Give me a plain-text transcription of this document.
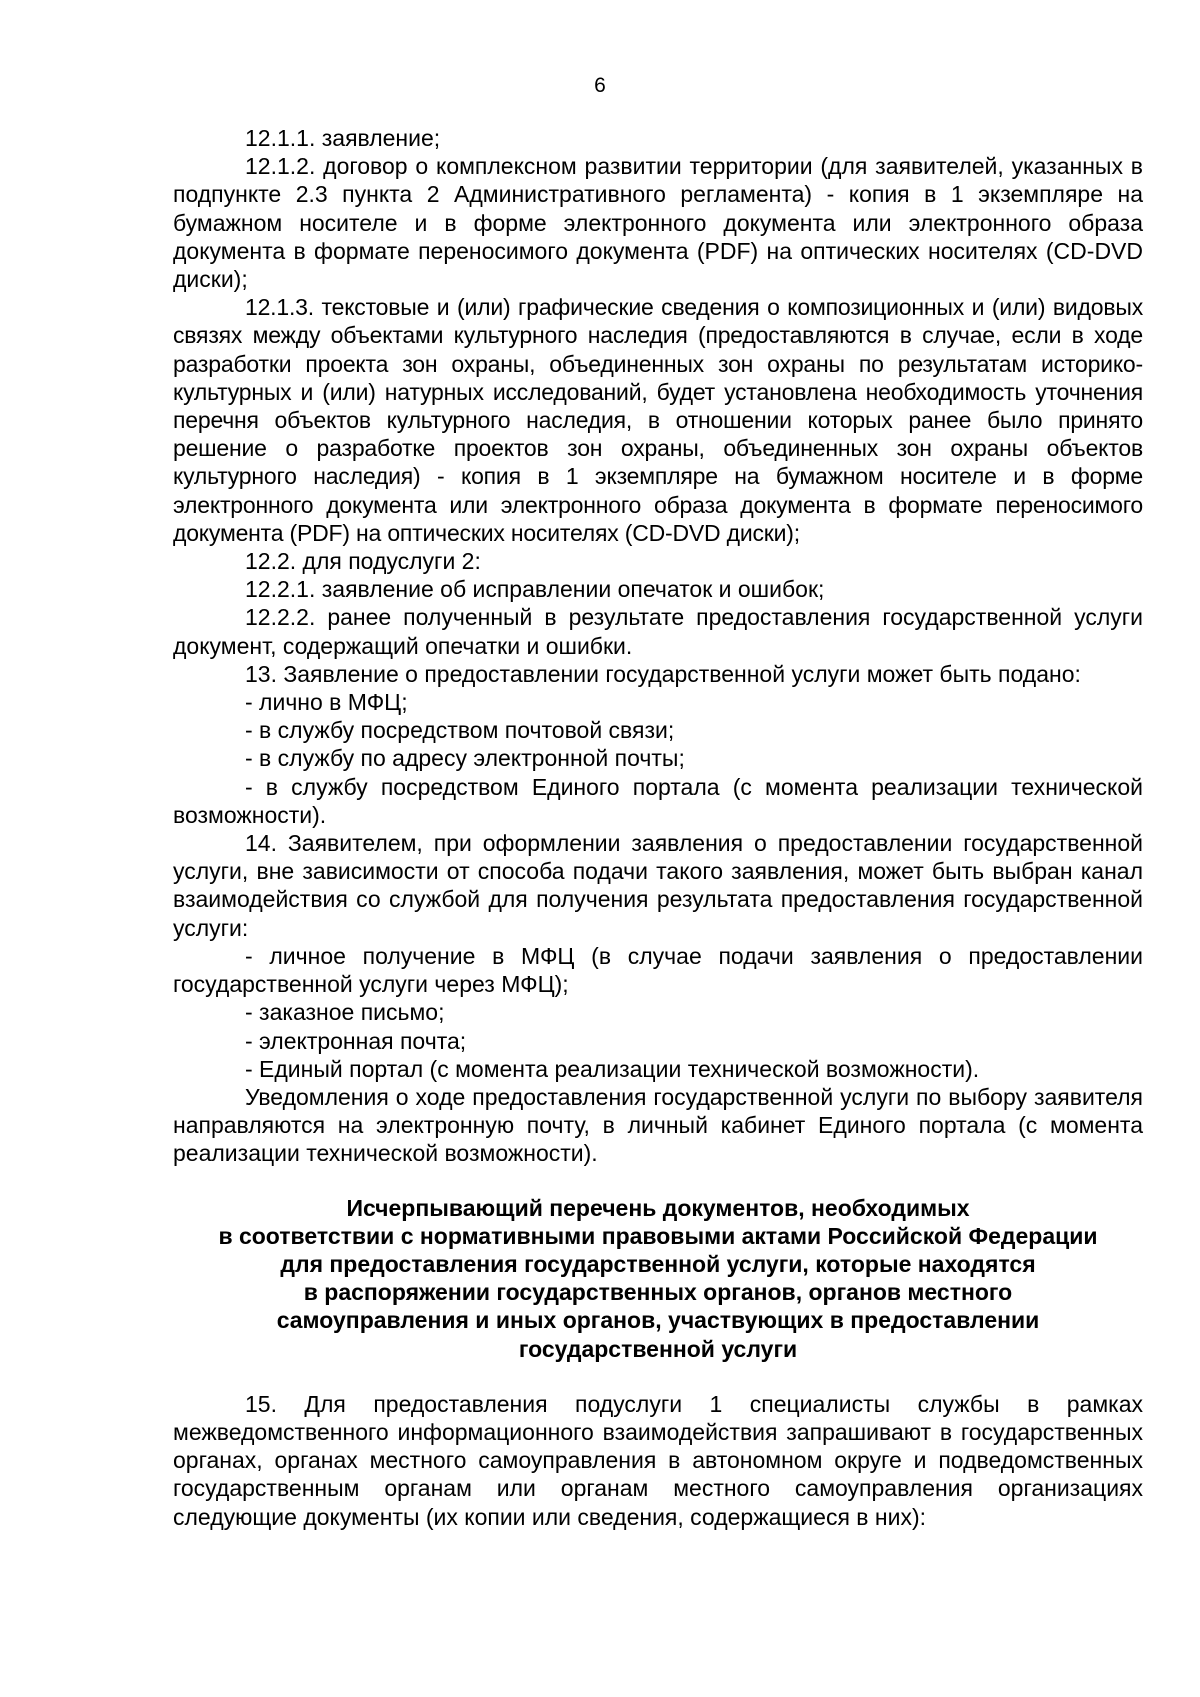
6

12.1.1. заявление;

12.1.2. договор о комплексном развитии территории (для заявителей, указанных в подпункте 2.3 пункта 2 Административного регламента) - копия в 1 экземпляре на бумажном носителе и в форме электронного документа или электронного образа документа в формате переносимого документа (PDF) на оптических носителях (CD-DVD диски);

12.1.3. текстовые и (или) графические сведения о композиционных и (или) видовых связях между объектами культурного наследия (предоставляются в случае, если в ходе разработки проекта зон охраны, объединенных зон охраны по результатам историко-культурных и (или) натурных исследований, будет установлена необходимость уточнения перечня объектов культурного наследия, в отношении которых ранее было принято решение о разработке проектов зон охраны, объединенных зон охраны объектов культурного наследия) - копия в 1 экземпляре на бумажном носителе и в форме электронного документа или электронного образа документа в формате переносимого документа (PDF) на оптических носителях (CD-DVD диски);

12.2. для подуслуги 2:

12.2.1. заявление об исправлении опечаток и ошибок;

12.2.2. ранее полученный в результате предоставления государственной услуги документ, содержащий опечатки и ошибки.

13. Заявление о предоставлении государственной услуги может быть подано:

- лично в МФЦ;

- в службу посредством почтовой связи;

- в службу по адресу электронной почты;

- в службу посредством Единого портала (с момента реализации технической возможности).

14. Заявителем, при оформлении заявления о предоставлении государственной услуги, вне зависимости от способа подачи такого заявления, может быть выбран канал взаимодействия со службой для получения результата предоставления государственной услуги:

- личное получение в МФЦ (в случае подачи заявления о предоставлении государственной услуги через МФЦ);

- заказное письмо;

- электронная почта;

- Единый портал (с момента реализации технической возможности).

Уведомления о ходе предоставления государственной услуги по выбору заявителя направляются на электронную почту, в личный кабинет Единого портала (с момента реализации технической возможности).

Исчерпывающий перечень документов, необходимых
в соответствии с нормативными правовыми актами Российской Федерации
для предоставления государственной услуги, которые находятся
в распоряжении государственных органов, органов местного
самоуправления и иных органов, участвующих в предоставлении
государственной услуги

15. Для предоставления подуслуги 1 специалисты службы в рамках межведомственного информационного взаимодействия запрашивают в государственных органах, органах местного самоуправления в автономном округе и подведомственных государственным органам или органам местного самоуправления организациях следующие документы (их копии или сведения, содержащиеся в них):
